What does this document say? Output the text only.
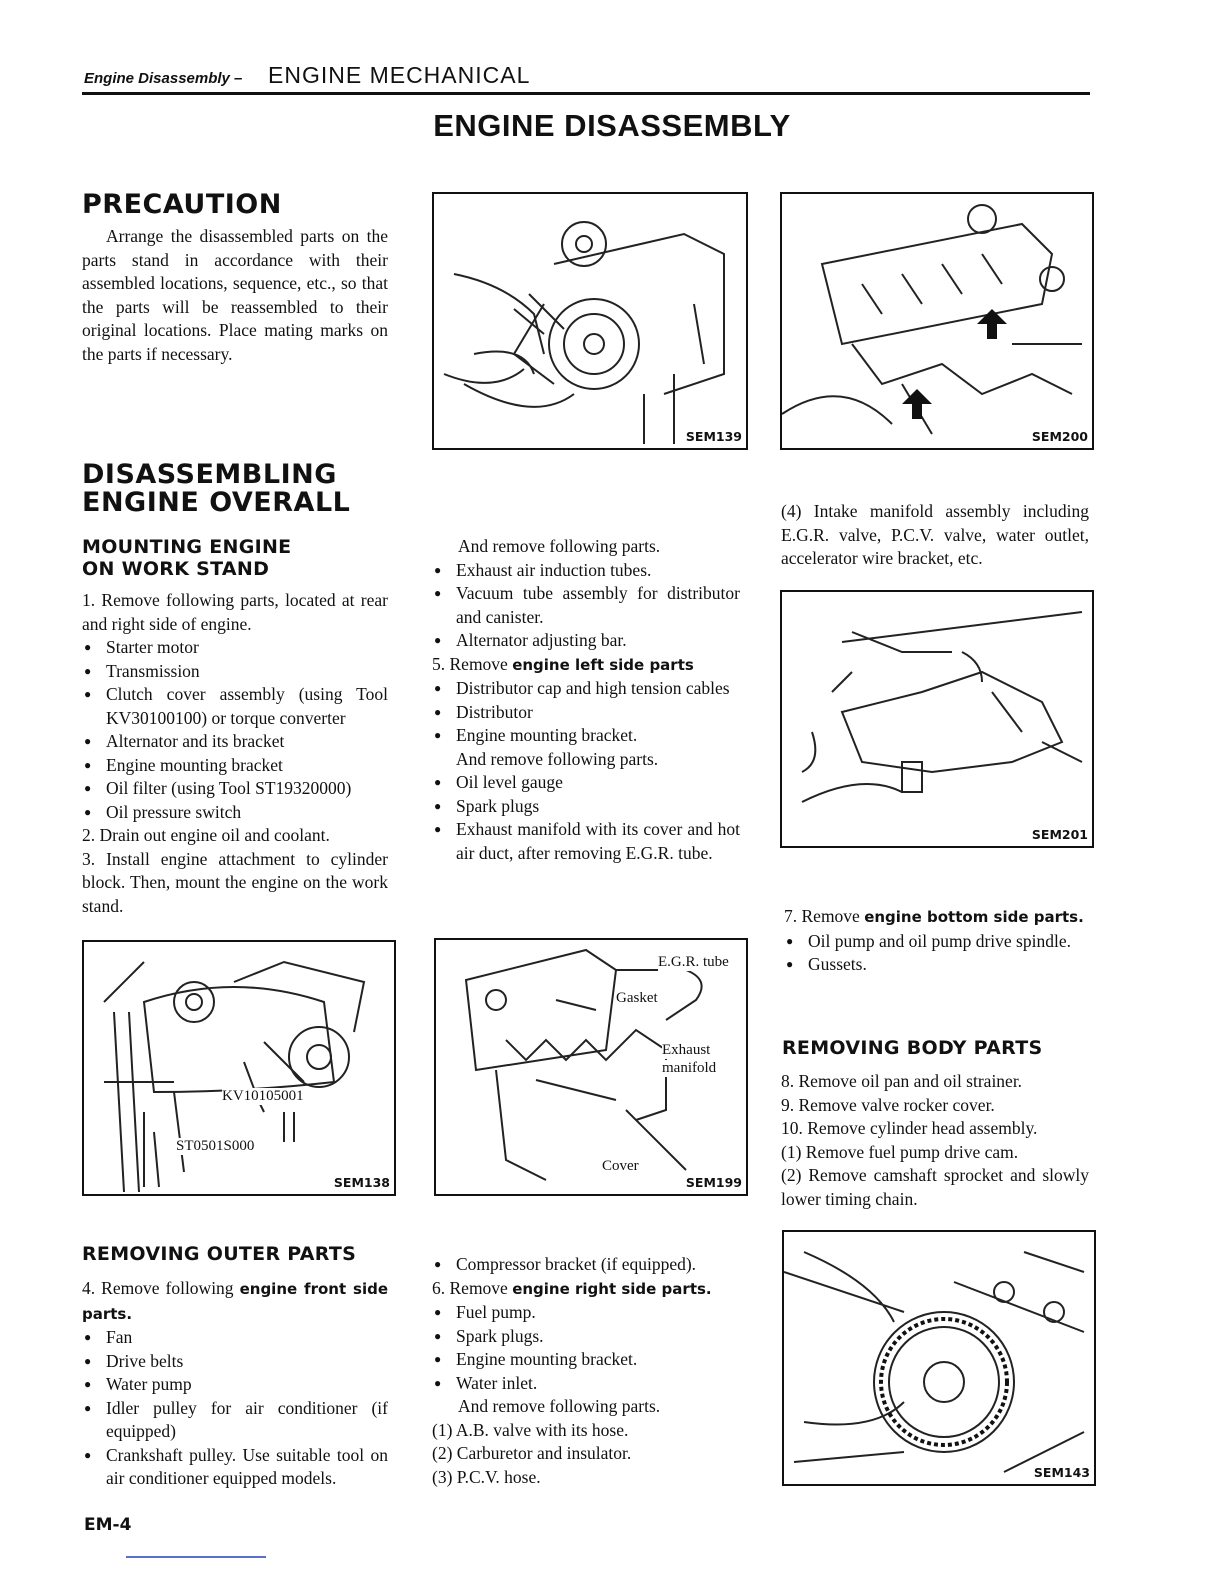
Engine Disassembly – ENGINE MECHANICAL
ENGINE DISASSEMBLY
PRECAUTION

Arrange the disassembled parts on the parts stand in accordance with their assembled locations, sequence, etc., so that the parts will be reassembled to their original locations. Place mating marks on the parts if necessary.

DISASSEMBLING
ENGINE OVERALL
MOUNTING ENGINE
ON WORK STAND

1. Remove following parts, located at rear and right side of engine.

● Starter motor

● Transmission

● Clutch cover assembly (using Tool KV30100100) or torque converter

● Alternator and its bracket

● Engine mounting bracket

● Oil filter (using Tool ST19320000)

● Oil pressure switch

2. Drain out engine oil and coolant.

3. Install engine attachment to cylinder block. Then, mount the engine on the work stand.

KV10105001
ST0501S000
SEM138
REMOVING OUTER PARTS

4. Remove following engine front side parts.

● Fan

● Drive belts

● Water pump

● Idler pulley for air conditioner (if equipped)

● Crankshaft pulley. Use suitable tool on air conditioner equipped models.

SEM139

And remove following parts.

● Exhaust air induction tubes.

● Vacuum tube assembly for distributor and canister.

● Alternator adjusting bar.

5. Remove engine left side parts

● Distributor cap and high tension cables

● Distributor

● Engine mounting bracket.

And remove following parts.

● Oil level gauge

● Spark plugs

● Exhaust manifold with its cover and hot air duct, after removing E.G.R. tube.

E.G.R. tube
Gasket
Exhaust
manifold
Cover
SEM199

● Compressor bracket (if equipped).

6. Remove engine right side parts.

● Fuel pump.

● Spark plugs.

● Engine mounting bracket.

● Water inlet.

And remove following parts.

(1) A.B. valve with its hose.

(2) Carburetor and insulator.

(3) P.C.V. hose.

SEM200

(4) Intake manifold assembly including E.G.R. valve, P.C.V. valve, water outlet, accelerator wire bracket, etc.

SEM201

7. Remove engine bottom side parts.

● Oil pump and oil pump drive spindle.

● Gussets.

REMOVING BODY PARTS

8. Remove oil pan and oil strainer.

9. Remove valve rocker cover.

10. Remove cylinder head assembly.

(1) Remove fuel pump drive cam.

(2) Remove camshaft sprocket and slowly lower timing chain.

SEM143
EM-4
